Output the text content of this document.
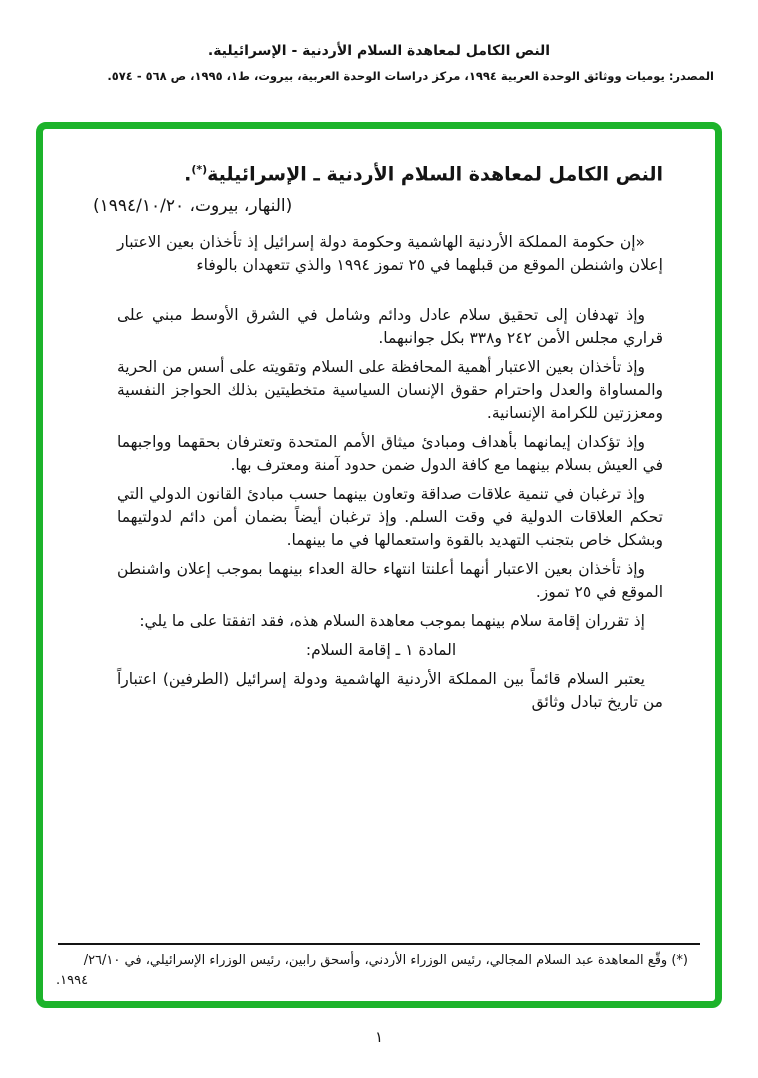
النص الكامل لمعاهدة السلام الأردنية - الإسرائيلية.
المصدر: يوميات ووثائق الوحدة العربية ١٩٩٤، مركز دراسات الوحدة العربية، بيروت، ط١، ١٩٩٥، ص ٥٦٨ - ٥٧٤.
النص الكامل لمعاهدة السلام الأردنية ـ الإسرائيلية(*).
(النهار، بيروت، ١٩٩٤/١٠/٢٠)

«إن حكومة المملكة الأردنية الهاشمية وحكومة دولة إسرائيل إذ تأخذان بعين الاعتبار إعلان واشنطن الموقع من قبلهما في ٢٥ تموز ١٩٩٤ والذي تتعهدان بالوفاء

وإذ تهدفان إلى تحقيق سلام عادل ودائم وشامل في الشرق الأوسط مبني على قراري مجلس الأمن ٢٤٢ و٣٣٨ بكل جوانبهما.

وإذ تأخذان بعين الاعتبار أهمية المحافظة على السلام وتقويته على أسس من الحرية والمساواة والعدل واحترام حقوق الإنسان السياسية متخطيتين بذلك الحواجز النفسية ومعززتين للكرامة الإنسانية.

وإذ تؤكدان إيمانهما بأهداف ومبادئ ميثاق الأمم المتحدة وتعترفان بحقهما وواجبهما في العيش بسلام بينهما مع كافة الدول ضمن حدود آمنة ومعترف بها.

وإذ ترغبان في تنمية علاقات صداقة وتعاون بينهما حسب مبادئ القانون الدولي التي تحكم العلاقات الدولية في وقت السلم. وإذ ترغبان أيضاً بضمان أمن دائم لدولتيهما وبشكل خاص بتجنب التهديد بالقوة واستعمالها في ما بينهما.

وإذ تأخذان بعين الاعتبار أنهما أعلنتا انتهاء حالة العداء بينهما بموجب إعلان واشنطن الموقع في ٢٥ تموز.

إذ تقرران إقامة سلام بينهما بموجب معاهدة السلام هذه، فقد اتفقتا على ما يلي:

المادة ١ ـ إقامة السلام:

يعتبر السلام قائماً بين المملكة الأردنية الهاشمية ودولة إسرائيل (الطرفين) اعتباراً من تاريخ تبادل وثائق

(*) وقّع المعاهدة عبد السلام المجالي، رئيس الوزراء الأردني، وأسحق رابين، رئيس الوزراء الإسرائيلي، في ٢٦/١٠/
١٩٩٤.
١
